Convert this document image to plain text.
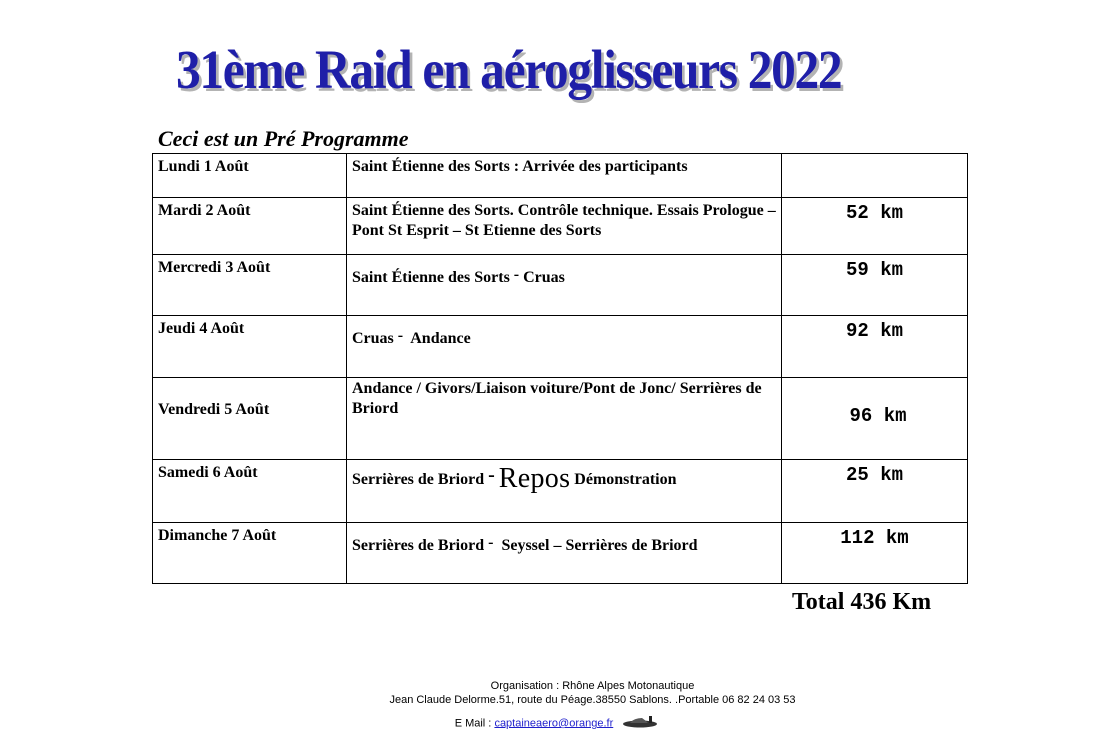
31ème Raid en aéroglisseurs 2022
Ceci est un Pré Programme
Lundi 1 Août	Saint Étienne des Sorts : Arrivée des participants	
Mardi 2 Août	Saint Étienne des Sorts. Contrôle technique. Essais Prologue – Pont St Esprit – St Etienne des Sorts	52 km
Mercredi 3 Août	Saint Étienne des Sorts - Cruas	59 km
Jeudi 4 Août	Cruas - Andance	92 km
Vendredi 5 Août	Andance / Givors/Liaison voiture/Pont de Jonc/ Serrières de Briord	96 km
Samedi 6 Août	Serrières de Briord - Repos Démonstration	25 km
Dimanche 7 Août	Serrières de Briord - Seyssel – Serrières de Briord	112 km

Total 436 Km

Organisation : Rhône Alpes Motonautique

Jean Claude Delorme.51, route du Péage.38550 Sablons. .Portable 06 82 24 03 53

E Mail : captaineaero@orange.fr
